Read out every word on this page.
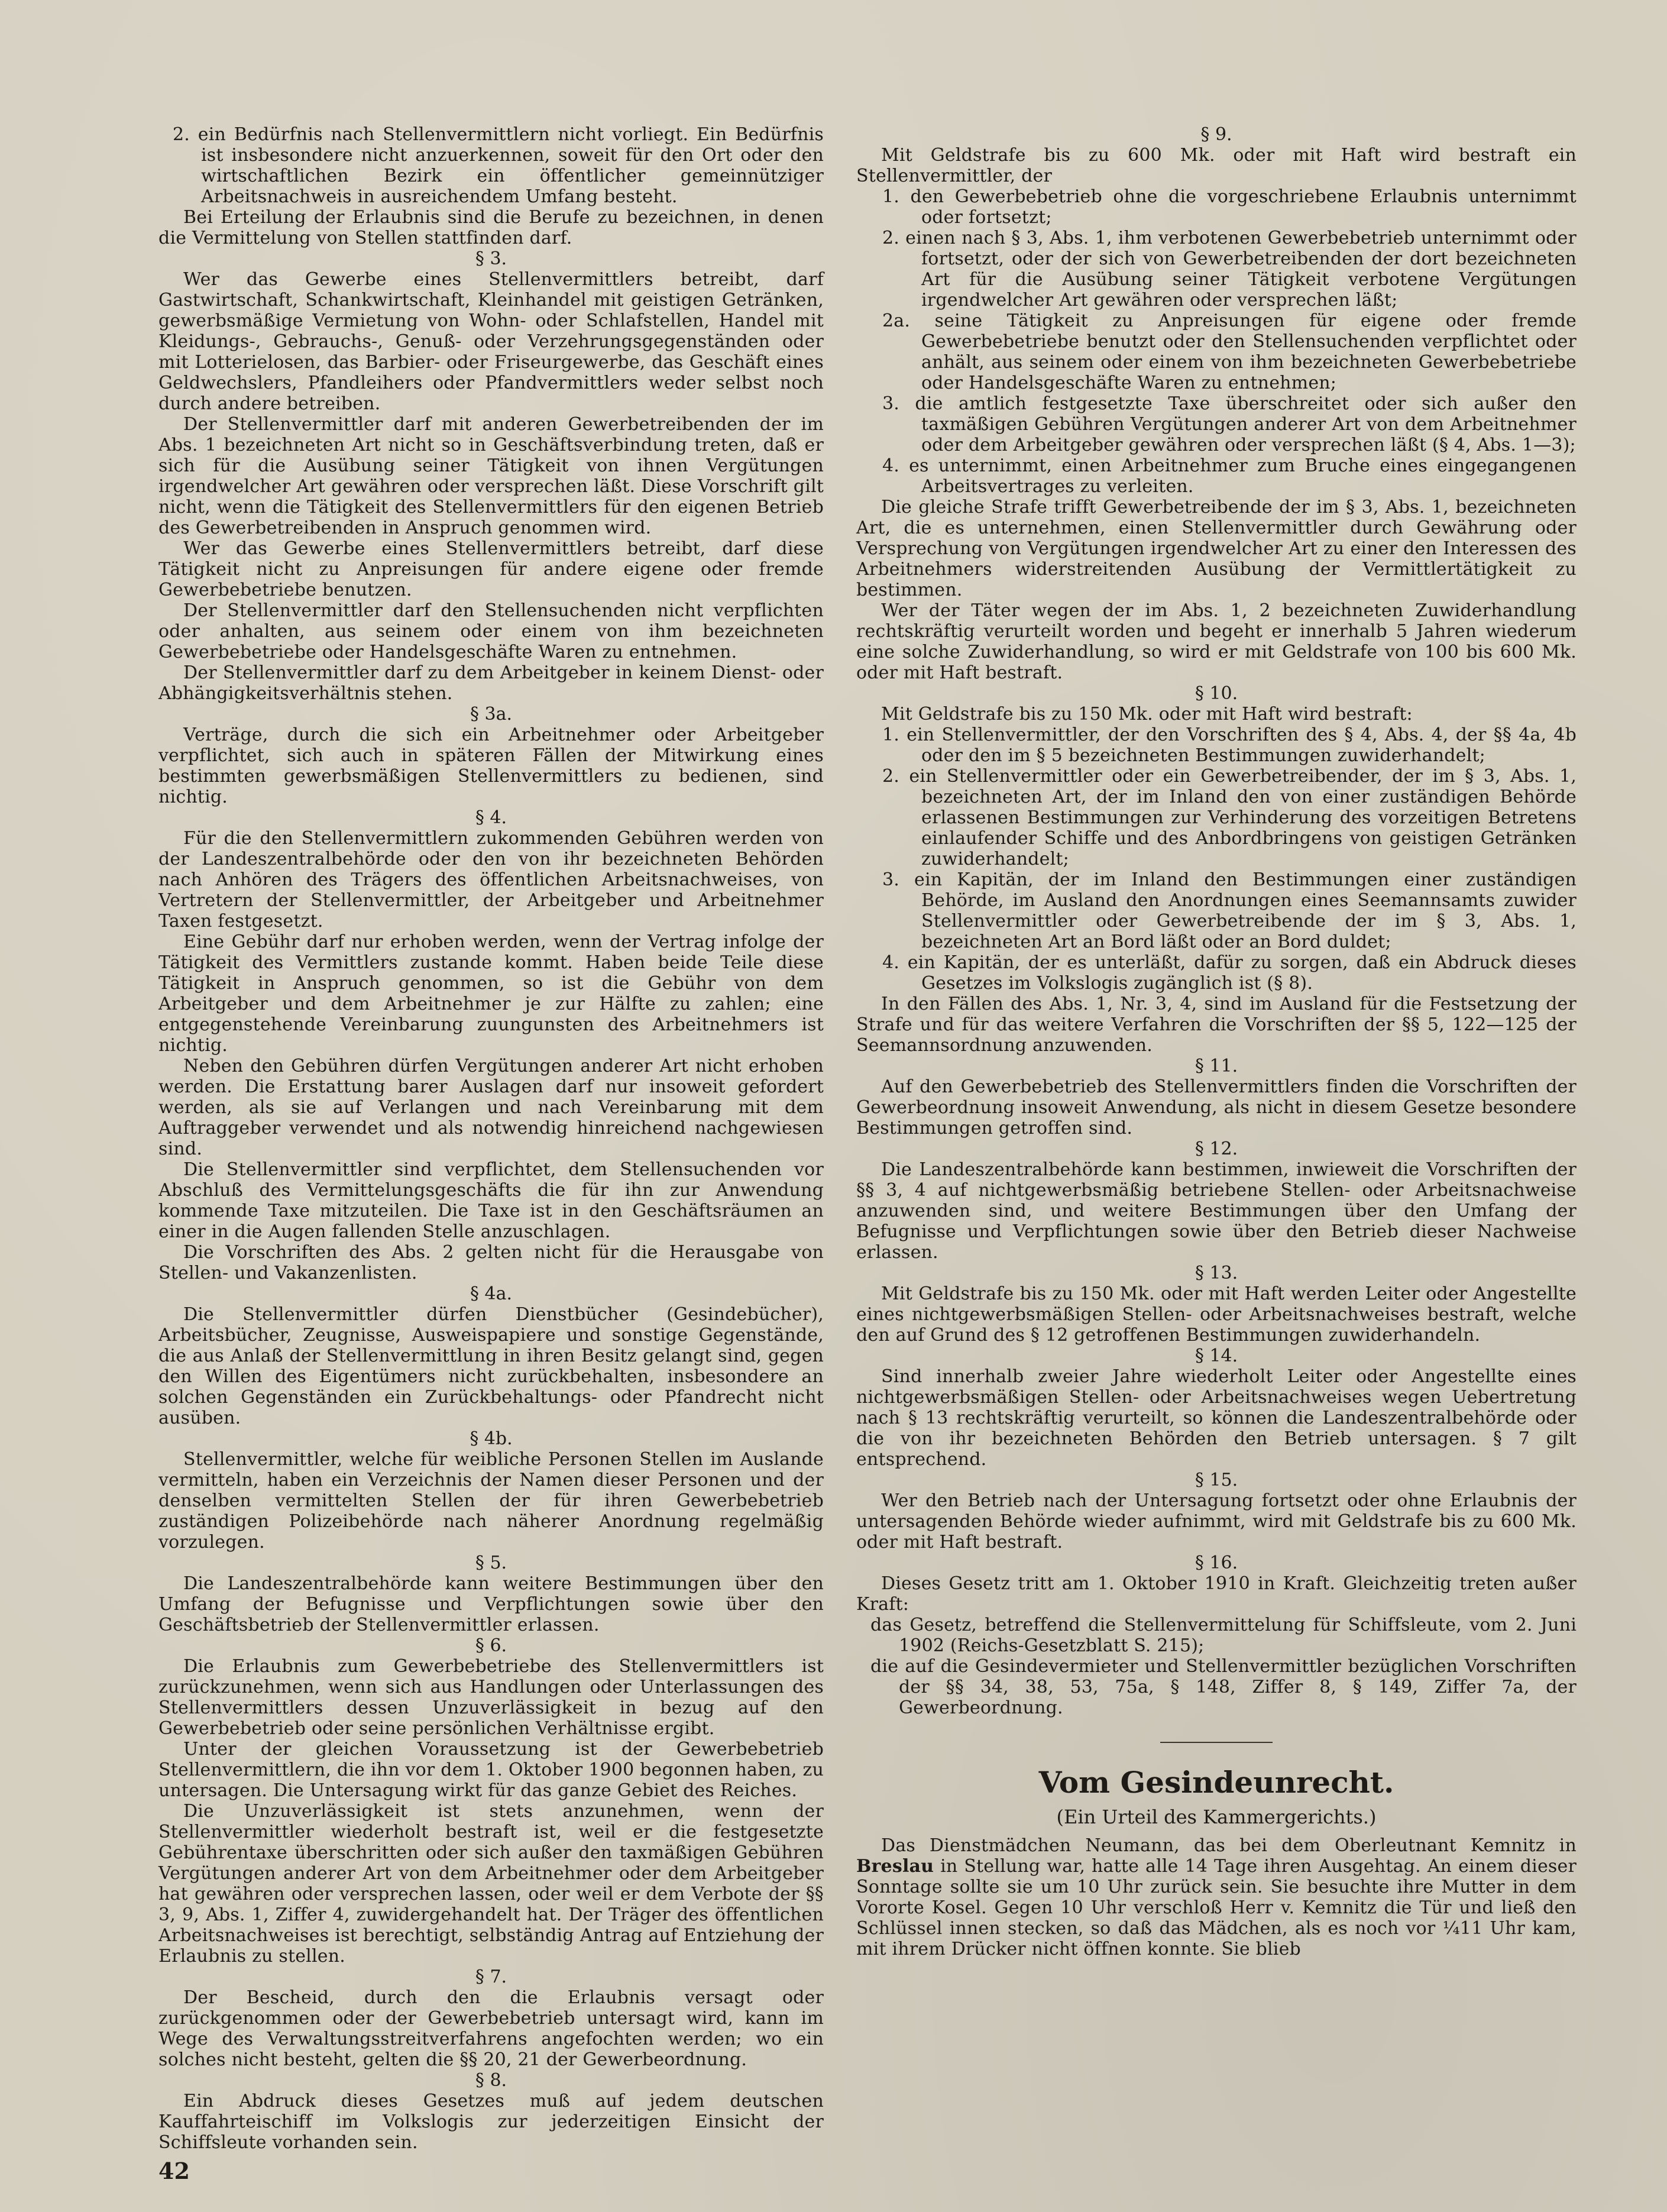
2. ein Bedürfnis nach Stellenvermittlern nicht vorliegt. Ein Bedürfnis ist insbesondere nicht anzuerkennen, soweit für den Ort oder den wirtschaftlichen Bezirk ein öffentlicher gemeinnütziger Arbeitsnachweis in ausreichendem Umfang besteht.

Bei Erteilung der Erlaubnis sind die Berufe zu bezeichnen, in denen die Vermittelung von Stellen stattfinden darf.

§ 3.

Wer das Gewerbe eines Stellenvermittlers betreibt, darf Gastwirtschaft, Schankwirtschaft, Kleinhandel mit geistigen Getränken, gewerbsmäßige Vermietung von Wohn- oder Schlafstellen, Handel mit Kleidungs-, Gebrauchs-, Genuß- oder Verzehrungsgegenständen oder mit Lotterielosen, das Barbier- oder Friseurgewerbe, das Geschäft eines Geldwechslers, Pfandleihers oder Pfandvermittlers weder selbst noch durch andere betreiben.

Der Stellenvermittler darf mit anderen Gewerbetreibenden der im Abs. 1 bezeichneten Art nicht so in Geschäftsverbindung treten, daß er sich für die Ausübung seiner Tätigkeit von ihnen Vergütungen irgendwelcher Art gewähren oder versprechen läßt. Diese Vorschrift gilt nicht, wenn die Tätigkeit des Stellenvermittlers für den eigenen Betrieb des Gewerbetreibenden in Anspruch genommen wird.

Wer das Gewerbe eines Stellenvermittlers betreibt, darf diese Tätigkeit nicht zu Anpreisungen für andere eigene oder fremde Gewerbebetriebe benutzen.

Der Stellenvermittler darf den Stellensuchenden nicht verpflichten oder anhalten, aus seinem oder einem von ihm bezeichneten Gewerbebetriebe oder Handelsgeschäfte Waren zu entnehmen.

Der Stellenvermittler darf zu dem Arbeitgeber in keinem Dienst- oder Abhängigkeitsverhältnis stehen.

§ 3a.

Verträge, durch die sich ein Arbeitnehmer oder Arbeitgeber verpflichtet, sich auch in späteren Fällen der Mitwirkung eines bestimmten gewerbsmäßigen Stellenvermittlers zu bedienen, sind nichtig.

§ 4.

Für die den Stellenvermittlern zukommenden Gebühren werden von der Landeszentralbehörde oder den von ihr bezeichneten Behörden nach Anhören des Trägers des öffentlichen Arbeitsnachweises, von Vertretern der Stellenvermittler, der Arbeitgeber und Arbeitnehmer Taxen festgesetzt.

Eine Gebühr darf nur erhoben werden, wenn der Vertrag infolge der Tätigkeit des Vermittlers zustande kommt. Haben beide Teile diese Tätigkeit in Anspruch genommen, so ist die Gebühr von dem Arbeitgeber und dem Arbeitnehmer je zur Hälfte zu zahlen; eine entgegenstehende Vereinbarung zuungunsten des Arbeitnehmers ist nichtig.

Neben den Gebühren dürfen Vergütungen anderer Art nicht erhoben werden. Die Erstattung barer Auslagen darf nur insoweit gefordert werden, als sie auf Verlangen und nach Vereinbarung mit dem Auftraggeber verwendet und als notwendig hinreichend nachgewiesen sind.

Die Stellenvermittler sind verpflichtet, dem Stellensuchenden vor Abschluß des Vermittelungsgeschäfts die für ihn zur Anwendung kommende Taxe mitzuteilen. Die Taxe ist in den Geschäftsräumen an einer in die Augen fallenden Stelle anzuschlagen.

Die Vorschriften des Abs. 2 gelten nicht für die Herausgabe von Stellen- und Vakanzenlisten.

§ 4a.

Die Stellenvermittler dürfen Dienstbücher (Gesindebücher), Arbeitsbücher, Zeugnisse, Ausweispapiere und sonstige Gegenstände, die aus Anlaß der Stellenvermittlung in ihren Besitz gelangt sind, gegen den Willen des Eigentümers nicht zurückbehalten, insbesondere an solchen Gegenständen ein Zurückbehaltungs- oder Pfandrecht nicht ausüben.

§ 4b.

Stellenvermittler, welche für weibliche Personen Stellen im Auslande vermitteln, haben ein Verzeichnis der Namen dieser Personen und der denselben vermittelten Stellen der für ihren Gewerbebetrieb zuständigen Polizeibehörde nach näherer Anordnung regelmäßig vorzulegen.

§ 5.

Die Landeszentralbehörde kann weitere Bestimmungen über den Umfang der Befugnisse und Verpflichtungen sowie über den Geschäftsbetrieb der Stellenvermittler erlassen.

§ 6.

Die Erlaubnis zum Gewerbebetriebe des Stellenvermittlers ist zurückzunehmen, wenn sich aus Handlungen oder Unterlassungen des Stellenvermittlers dessen Unzuverlässigkeit in bezug auf den Gewerbebetrieb oder seine persönlichen Verhältnisse ergibt.

Unter der gleichen Voraussetzung ist der Gewerbebetrieb Stellenvermittlern, die ihn vor dem 1. Oktober 1900 begonnen haben, zu untersagen. Die Untersagung wirkt für das ganze Gebiet des Reiches.

Die Unzuverlässigkeit ist stets anzunehmen, wenn der Stellenvermittler wiederholt bestraft ist, weil er die festgesetzte Gebührentaxe überschritten oder sich außer den taxmäßigen Gebühren Vergütungen anderer Art von dem Arbeitnehmer oder dem Arbeitgeber hat gewähren oder versprechen lassen, oder weil er dem Verbote der §§ 3, 9, Abs. 1, Ziffer 4, zuwidergehandelt hat. Der Träger des öffentlichen Arbeitsnachweises ist berechtigt, selbständig Antrag auf Entziehung der Erlaubnis zu stellen.

§ 7.

Der Bescheid, durch den die Erlaubnis versagt oder zurückgenommen oder der Gewerbebetrieb untersagt wird, kann im Wege des Verwaltungsstreitverfahrens angefochten werden; wo ein solches nicht besteht, gelten die §§ 20, 21 der Gewerbeordnung.

§ 8.

Ein Abdruck dieses Gesetzes muß auf jedem deutschen Kauffahrteischiff im Volkslogis zur jederzeitigen Einsicht der Schiffsleute vorhanden sein.

§ 9.

Mit Geldstrafe bis zu 600 Mk. oder mit Haft wird bestraft ein Stellenvermittler, der

1. den Gewerbebetrieb ohne die vorgeschriebene Erlaubnis unternimmt oder fortsetzt;

2. einen nach § 3, Abs. 1, ihm verbotenen Gewerbebetrieb unternimmt oder fortsetzt, oder der sich von Gewerbetreibenden der dort bezeichneten Art für die Ausübung seiner Tätigkeit verbotene Vergütungen irgendwelcher Art gewähren oder versprechen läßt;

2a. seine Tätigkeit zu Anpreisungen für eigene oder fremde Gewerbebetriebe benutzt oder den Stellensuchenden verpflichtet oder anhält, aus seinem oder einem von ihm bezeichneten Gewerbebetriebe oder Handelsgeschäfte Waren zu entnehmen;

3. die amtlich festgesetzte Taxe überschreitet oder sich außer den taxmäßigen Gebühren Vergütungen anderer Art von dem Arbeitnehmer oder dem Arbeitgeber gewähren oder versprechen läßt (§ 4, Abs. 1—3);

4. es unternimmt, einen Arbeitnehmer zum Bruche eines eingegangenen Arbeitsvertrages zu verleiten.

Die gleiche Strafe trifft Gewerbetreibende der im § 3, Abs. 1, bezeichneten Art, die es unternehmen, einen Stellenvermittler durch Gewährung oder Versprechung von Vergütungen irgendwelcher Art zu einer den Interessen des Arbeitnehmers widerstreitenden Ausübung der Vermittlertätigkeit zu bestimmen.

Wer der Täter wegen der im Abs. 1, 2 bezeichneten Zuwiderhandlung rechtskräftig verurteilt worden und begeht er innerhalb 5 Jahren wiederum eine solche Zuwiderhandlung, so wird er mit Geldstrafe von 100 bis 600 Mk. oder mit Haft bestraft.

§ 10.

Mit Geldstrafe bis zu 150 Mk. oder mit Haft wird bestraft:

1. ein Stellenvermittler, der den Vorschriften des § 4, Abs. 4, der §§ 4a, 4b oder den im § 5 bezeichneten Bestimmungen zuwiderhandelt;

2. ein Stellenvermittler oder ein Gewerbetreibender, der im § 3, Abs. 1, bezeichneten Art, der im Inland den von einer zuständigen Behörde erlassenen Bestimmungen zur Verhinderung des vorzeitigen Betretens einlaufender Schiffe und des Anbordbringens von geistigen Getränken zuwiderhandelt;

3. ein Kapitän, der im Inland den Bestimmungen einer zuständigen Behörde, im Ausland den Anordnungen eines Seemannsamts zuwider Stellenvermittler oder Gewerbetreibende der im § 3, Abs. 1, bezeichneten Art an Bord läßt oder an Bord duldet;

4. ein Kapitän, der es unterläßt, dafür zu sorgen, daß ein Abdruck dieses Gesetzes im Volkslogis zugänglich ist (§ 8).

In den Fällen des Abs. 1, Nr. 3, 4, sind im Ausland für die Festsetzung der Strafe und für das weitere Verfahren die Vorschriften der §§ 5, 122—125 der Seemannsordnung anzuwenden.

§ 11.

Auf den Gewerbebetrieb des Stellenvermittlers finden die Vorschriften der Gewerbeordnung insoweit Anwendung, als nicht in diesem Gesetze besondere Bestimmungen getroffen sind.

§ 12.

Die Landeszentralbehörde kann bestimmen, inwieweit die Vorschriften der §§ 3, 4 auf nichtgewerbsmäßig betriebene Stellen- oder Arbeitsnachweise anzuwenden sind, und weitere Bestimmungen über den Umfang der Befugnisse und Verpflichtungen sowie über den Betrieb dieser Nachweise erlassen.

§ 13.

Mit Geldstrafe bis zu 150 Mk. oder mit Haft werden Leiter oder Angestellte eines nichtgewerbsmäßigen Stellen- oder Arbeitsnachweises bestraft, welche den auf Grund des § 12 getroffenen Bestimmungen zuwiderhandeln.

§ 14.

Sind innerhalb zweier Jahre wiederholt Leiter oder Angestellte eines nichtgewerbsmäßigen Stellen- oder Arbeitsnachweises wegen Uebertretung nach § 13 rechtskräftig verurteilt, so können die Landeszentralbehörde oder die von ihr bezeichneten Behörden den Betrieb untersagen. § 7 gilt entsprechend.

§ 15.

Wer den Betrieb nach der Untersagung fortsetzt oder ohne Erlaubnis der untersagenden Behörde wieder aufnimmt, wird mit Geldstrafe bis zu 600 Mk. oder mit Haft bestraft.

§ 16.

Dieses Gesetz tritt am 1. Oktober 1910 in Kraft. Gleichzeitig treten außer Kraft:

das Gesetz, betreffend die Stellenvermittelung für Schiffsleute, vom 2. Juni 1902 (Reichs-Gesetzblatt S. 215);

die auf die Gesindevermieter und Stellenvermittler bezüglichen Vorschriften der §§ 34, 38, 53, 75a, § 148, Ziffer 8, § 149, Ziffer 7a, der Gewerbeordnung.

Vom Gesindeunrecht.
(Ein Urteil des Kammergerichts.)

Das Dienstmädchen Neumann, das bei dem Oberleutnant Kemnitz in Breslau in Stellung war, hatte alle 14 Tage ihren Ausgehtag. An einem dieser Sonntage sollte sie um 10 Uhr zurück sein. Sie besuchte ihre Mutter in dem Vororte Kosel. Gegen 10 Uhr verschloß Herr v. Kemnitz die Tür und ließ den Schlüssel innen stecken, so daß das Mädchen, als es noch vor ¼11 Uhr kam, mit ihrem Drücker nicht öffnen konnte. Sie blieb

42
